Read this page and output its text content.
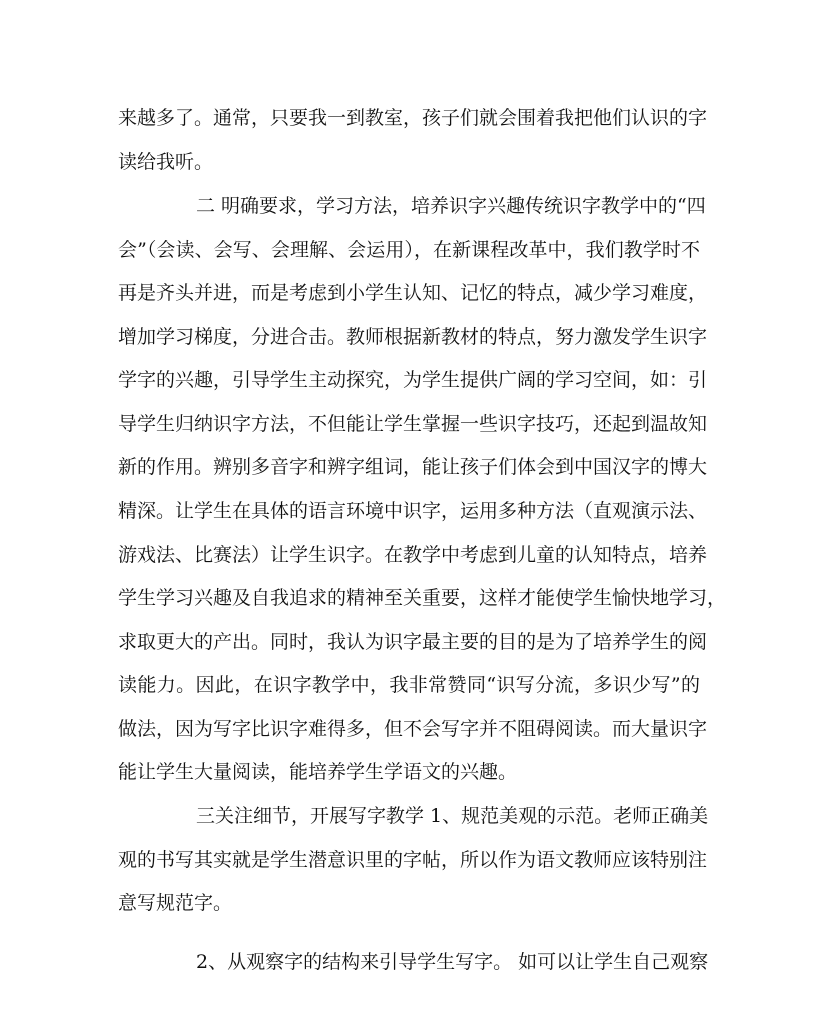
来越多了。通常，只要我一到教室，孩子们就会围着我把他们认识的字
读给我听。
二 明确要求，学习方法，培养识字兴趣传统识字教学中的“四
会”（会读、会写、会理解、会运用），在新课程改革中，我们教学时不
再是齐头并进，而是考虑到小学生认知、记忆的特点，减少学习难度，
增加学习梯度，分进合击。教师根据新教材的特点，努力激发学生识字
学字的兴趣，引导学生主动探究，为学生提供广阔的学习空间，如：引
导学生归纳识字方法，不但能让学生掌握一些识字技巧，还起到温故知
新的作用。辨别多音字和辨字组词，能让孩子们体会到中国汉字的博大
精深。让学生在具体的语言环境中识字，运用多种方法（直观演示法、
游戏法、比赛法）让学生识字。在教学中考虑到儿童的认知特点，培养
学生学习兴趣及自我追求的精神至关重要，这样才能使学生愉快地学习，
求取更大的产出。同时，我认为识字最主要的目的是为了培养学生的阅
读能力。因此，在识字教学中，我非常赞同“识写分流，多识少写”的
做法，因为写字比识字难得多，但不会写字并不阻碍阅读。而大量识字
能让学生大量阅读，能培养学生学语文的兴趣。
三关注细节，开展写字教学 1、规范美观的示范。老师正确美
观的书写其实就是学生潜意识里的字帖，所以作为语文教师应该特别注
意写规范字。
2、从观察字的结构来引导学生写字。 如可以让学生自己观察
